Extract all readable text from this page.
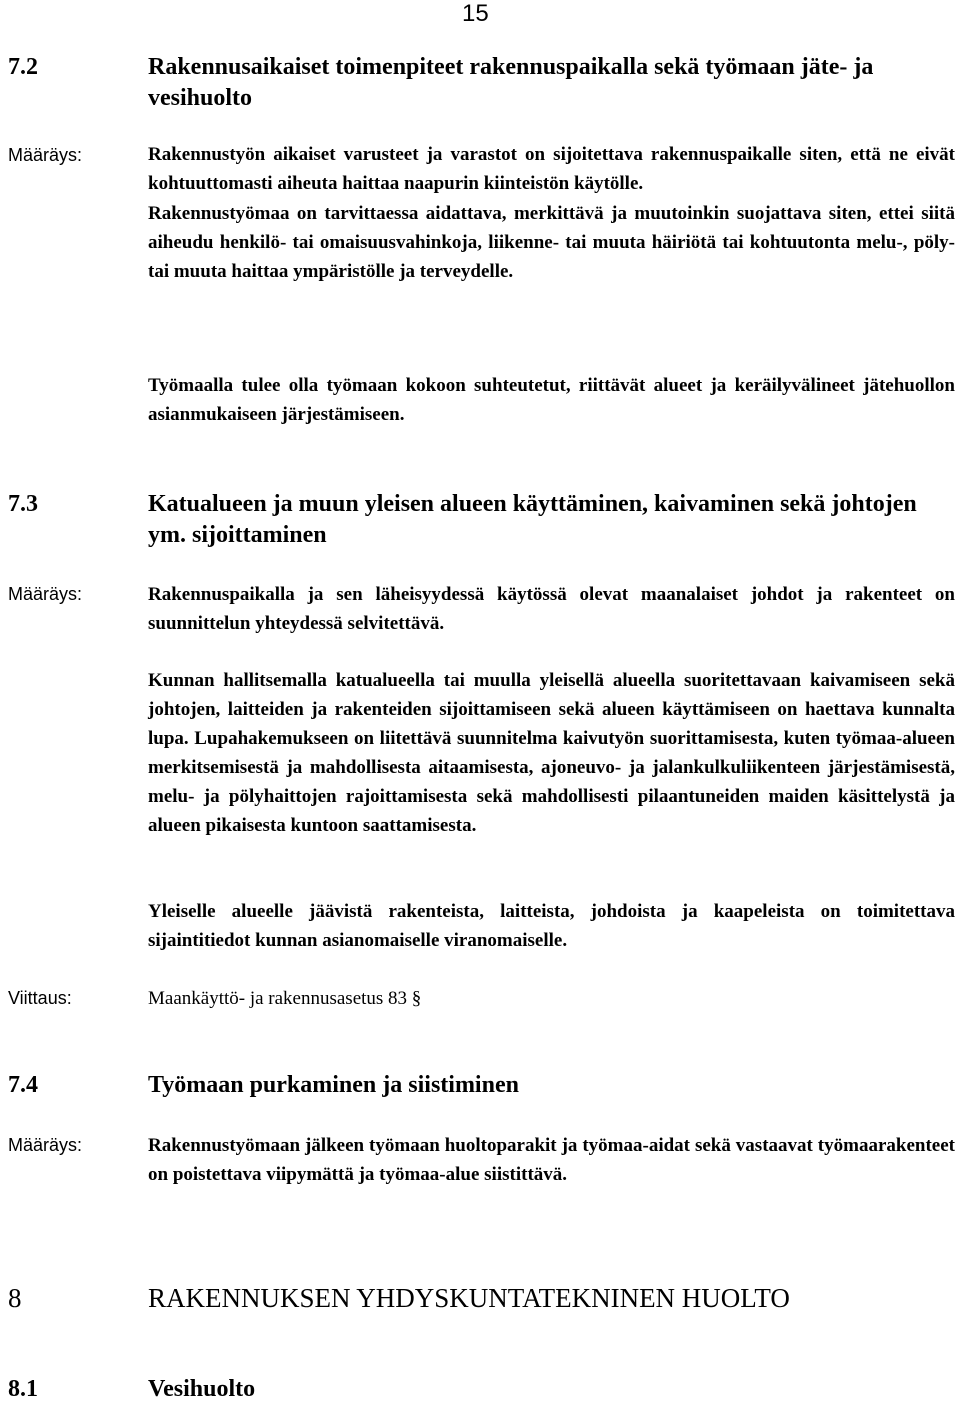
15
7.2	Rakennusaikaiset toimenpiteet rakennuspaikalla sekä työmaan jäte- ja vesihuolto
Määräys:	Rakennustyön aikaiset varusteet ja varastot on sijoitettava rakennuspaikalle siten, että ne eivät kohtuuttomasti aiheuta haittaa naapurin kiinteistön käytölle.
Rakennustyömaa on tarvittaessa aidattava, merkittävä ja muutoinkin suojattava siten, ettei siitä aiheudu henkilö- tai omaisuusvahinkoja, liikenne- tai muuta häiriötä tai kohtuutonta melu-, pöly- tai muuta haittaa ympäristölle ja terveydelle.
Työmaalla tulee olla työmaan kokoon suhteutetut, riittävät alueet ja keräilyvälineet jätehuollon asianmukaiseen järjestämiseen.
7.3	Katualueen ja muun yleisen alueen käyttäminen, kaivaminen sekä johtojen ym. sijoittaminen
Määräys:	Rakennuspaikalla ja sen läheisyydessä käytössä olevat maanalaiset johdot ja rakenteet on suunnittelun yhteydessä selvitettävä.
Kunnan hallitsemalla katualueella tai muulla yleisellä alueella suoritettavaan kaivamiseen sekä johtojen, laitteiden ja rakenteiden sijoittamiseen sekä alueen käyttämiseen on haettava kunnalta lupa. Lupahakemukseen on liitettävä suunnitelma kaivutyön suorittamisesta, kuten työmaa-alueen merkitsemisestä ja mahdollisesta aitaamisesta, ajoneuvo- ja jalankulkuliikenteen järjestämisestä, melu- ja pölyhaittojen rajoittamisesta sekä mahdollisesti pilaantuneiden maiden käsittelystä ja alueen pikaisesta kuntoon saattamisesta.
Yleiselle alueelle jäävistä rakenteista, laitteista, johdoista ja kaapeleista on toimitettava sijaintitiedot kunnan asianomaiselle viranomaiselle.
Viittaus:	Maankäyttö- ja rakennusasetus 83 §
7.4	Työmaan purkaminen ja siistiminen
Määräys:	Rakennustyömaan jälkeen työmaan huoltoparakit ja työmaa-aidat sekä vastaavat työmaarakenteet on poistettava viipymättä ja työmaa-alue siistittävä.
8	RAKENNUKSEN YHDYSKUNTATEKNINEN HUOLTO
8.1	Vesihuolto
